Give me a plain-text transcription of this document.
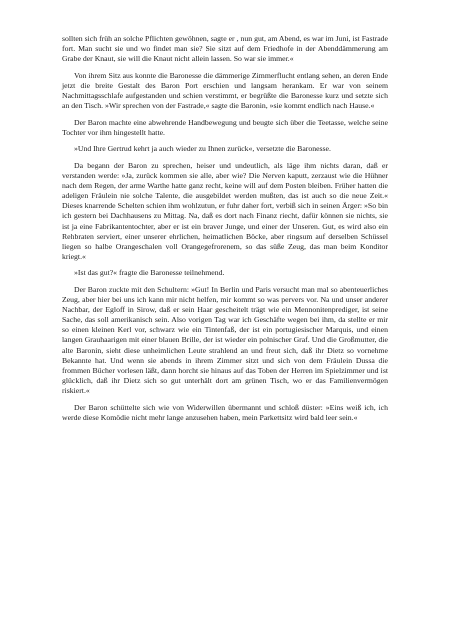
sollten sich früh an solche Pflichten gewöhnen, sagte er , nun gut, am Abend, es war im Juni, ist Fastrade fort. Man sucht sie und wo findet man sie? Sie sitzt auf dem Friedhofe in der Abenddämmerung am Grabe der Knaut, sie will die Knaut nicht allein lassen. So war sie immer.«

Von ihrem Sitz aus konnte die Baronesse die dämmerige Zimmerflucht entlang sehen, an deren Ende jetzt die breite Gestalt des Baron Port erschien und langsam herankam. Er war von seinem Nachmittagsschlafe aufgestanden und schien verstimmt, er begrüßte die Baronesse kurz und setzte sich an den Tisch. »Wir sprechen von der Fastrade,« sagte die Baronin, »sie kommt endlich nach Hause.«

Der Baron machte eine abwehrende Handbewegung und beugte sich über die Teetasse, welche seine Tochter vor ihm hingestellt hatte.

»Und Ihre Gertrud kehrt ja auch wieder zu Ihnen zurück«, versetzte die Baronesse.

Da begann der Baron zu sprechen, heiser und undeutlich, als läge ihm nichts daran, daß er verstanden werde: »Ja, zurück kommen sie alle, aber wie? Die Nerven kaputt, zerzaust wie die Hühner nach dem Regen, der arme Warthe hatte ganz recht, keine will auf dem Posten bleiben. Früher hatten die adeligen Fräulein nie solche Talente, die ausgebildet werden mußten, das ist auch so die neue Zeit.« Dieses knarrende Schelten schien ihm wohlzutun, er fuhr daher fort, verbiß sich in seinen Ärger: »So bin ich gestern bei Dachhausens zu Mittag. Na, daß es dort nach Finanz riecht, dafür können sie nichts, sie ist ja eine Fabrikantentochter, aber er ist ein braver Junge, und einer der Unseren. Gut, es wird also ein Rehbraten serviert, einer unserer ehrlichen, heimatlichen Böcke, aber ringsum auf derselben Schüssel liegen so halbe Orangeschalen voll Orangegefrorenem, so das süße Zeug, das man beim Konditor kriegt.«

»Ist das gut?« fragte die Baronesse teilnehmend.

Der Baron zuckte mit den Schultern: »Gut! In Berlin und Paris versucht man mal so abenteuerliches Zeug, aber hier bei uns ich kann mir nicht helfen, mir kommt so was pervers vor. Na und unser anderer Nachbar, der Egloff in Sirow, daß er sein Haar gescheitelt trägt wie ein Mennonitenprediger, ist seine Sache, das soll amerikanisch sein. Also vorigen Tag war ich Geschäfte wegen bei ihm, da stellte er mir so einen kleinen Kerl vor, schwarz wie ein Tintenfaß, der ist ein portugiesischer Marquis, und einen langen Grauhaarigen mit einer blauen Brille, der ist wieder ein polnischer Graf. Und die Großmutter, die alte Baronin, sieht diese unheimlichen Leute strahlend an und freut sich, daß ihr Dietz so vornehme Bekannte hat. Und wenn sie abends in ihrem Zimmer sitzt und sich von dem Fräulein Dussa die frommen Bücher vorlesen läßt, dann horcht sie hinaus auf das Toben der Herren im Spielzimmer und ist glücklich, daß ihr Dietz sich so gut unterhält dort am grünen Tisch, wo er das Familienvermögen riskiert.«

Der Baron schüttelte sich wie von Widerwillen übermannt und schloß düster: »Eins weiß ich, ich werde diese Komödie nicht mehr lange anzusehen haben, mein Parkettsitz wird bald leer sein.«
